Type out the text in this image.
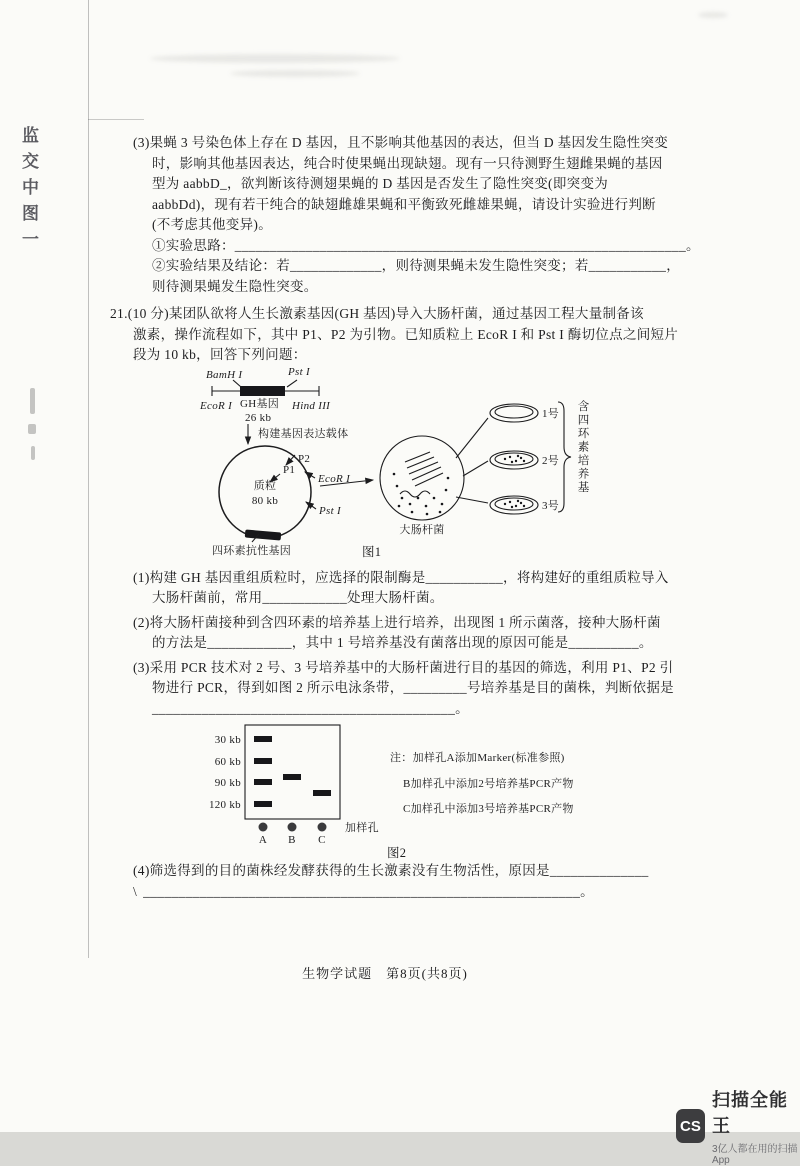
监交中图一	(3)果蝇 3 号染色体上存在 D 基因，且不影响其他基因的表达，但当 D 基因发生隐性突变
时，影响其他基因表达，纯合时使果蝇出现缺翅。现有一只待测野生翅雌果蝇的基因
型为 aabbD_，欲判断该待测翅果蝇的 D 基因是否发生了隐性突变(即突变为
aabbDd)，现有若干纯合的缺翅雌雄果蝇和平衡致死雌雄果蝇，请设计实验进行判断
(不考虑其他变异)。
①实验思路：________________________________________________________________。
②实验结果及结论：若_____________，则待测果蝇未发生隐性突变；若___________，
则待测果蝇发生隐性突变。
21.(10 分)某团队欲将人生长激素基因(GH 基因)导入大肠杆菌，通过基因工程大量制备该
激素，操作流程如下，其中 P1、P2 为引物。已知质粒上 EcoR I 和 Pst I 酶切位点之间短片
段为 10 kb，回答下列问题：
BamH I	Pst I
EcoR I GH基因
26 kb
Hind III
构建基因表达载体
质粒
80 kb
P2
P1
EcoR I
Pst I
四环素抗性基因
大肠杆菌
1号
2号
3号
含四环素培养基
图1
(1)构建 GH 基因重组质粒时，应选择的限制酶是___________，将构建好的重组质粒导入
大肠杆菌前，常用____________处理大肠杆菌。
(2)将大肠杆菌接种到含四环素的培养基上进行培养，出现图 1 所示菌落，接种大肠杆菌
的方法是____________，其中 1 号培养基没有菌落出现的原因可能是__________。
(3)采用 PCR 技术对 2 号、3 号培养基中的大肠杆菌进行目的基因的筛选，利用 P1、P2 引
物进行 PCR，得到如图 2 所示电泳条带，_________号培养基是目的菌株，判断依据是
___________________________________________。
30 kb
60 kb
90 kb
120 kb
A B C
加样孔
注：加样孔A添加Marker(标准参照)
B加样孔中添加2号培养基PCR产物
C加样孔中添加3号培养基PCR产物
图2
(4)筛选得到的目的菌株经发酵获得的生长激素没有生物活性，原因是______________
\ ______________________________________________________________。
生物学试题　第8页(共8页)
CS
扫描全能王
3亿人都在用的扫描App
